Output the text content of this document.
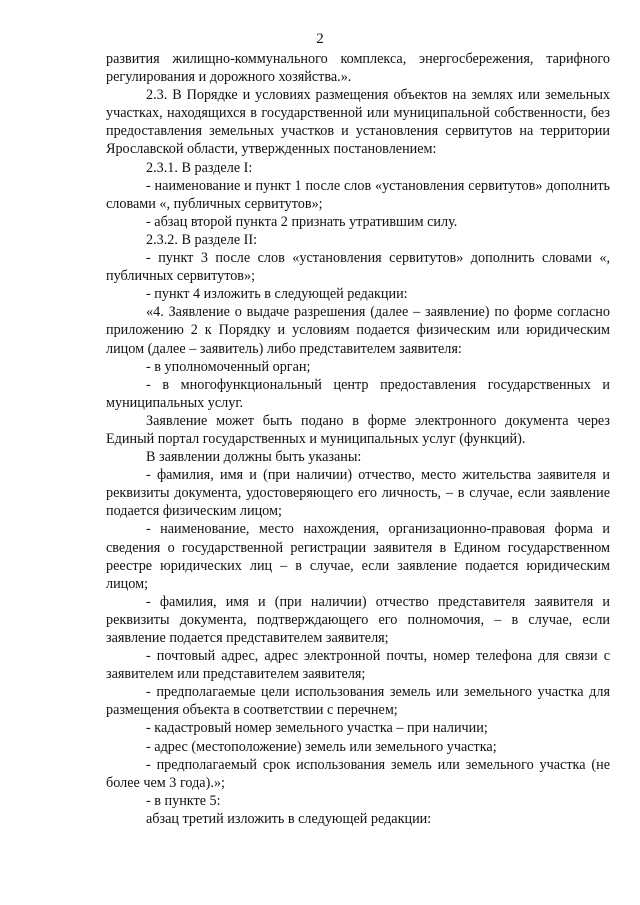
2

развития жилищно-коммунального комплекса, энергосбережения, тарифного регулирования и дорожного хозяйства.».

2.3. В Порядке и условиях размещения объектов на землях или земельных участках, находящихся в государственной или муниципальной собственности, без предоставления земельных участков и установления сервитутов на территории Ярославской области, утвержденных постановлением:

2.3.1. В разделе I:

- наименование и пункт 1 после слов «установления сервитутов» дополнить словами «, публичных сервитутов»;

- абзац второй пункта 2 признать утратившим силу.

2.3.2. В разделе II:

- пункт 3 после слов «установления сервитутов» дополнить словами «, публичных сервитутов»;

- пункт 4 изложить в следующей редакции:

«4. Заявление о выдаче разрешения (далее – заявление) по форме согласно приложению 2 к Порядку и условиям подается физическим или юридическим лицом (далее – заявитель) либо представителем заявителя:

- в уполномоченный орган;

- в многофункциональный центр предоставления государственных и муниципальных услуг.

Заявление может быть подано в форме электронного документа через Единый портал государственных и муниципальных услуг (функций).

В заявлении должны быть указаны:

- фамилия, имя и (при наличии) отчество, место жительства заявителя и реквизиты документа, удостоверяющего его личность, – в случае, если заявление подается физическим лицом;

- наименование, место нахождения, организационно-правовая форма и сведения о государственной регистрации заявителя в Едином государственном реестре юридических лиц – в случае, если заявление подается юридическим лицом;

- фамилия, имя и (при наличии) отчество представителя заявителя и реквизиты документа, подтверждающего его полномочия, – в случае, если заявление подается представителем заявителя;

- почтовый адрес, адрес электронной почты, номер телефона для связи с заявителем или представителем заявителя;

- предполагаемые цели использования земель или земельного участка для размещения объекта в соответствии с перечнем;

- кадастровый номер земельного участка – при наличии;

- адрес (местоположение) земель или земельного участка;

- предполагаемый срок использования земель или земельного участка (не более чем 3 года).»;

- в пункте 5:

абзац третий изложить в следующей редакции:
